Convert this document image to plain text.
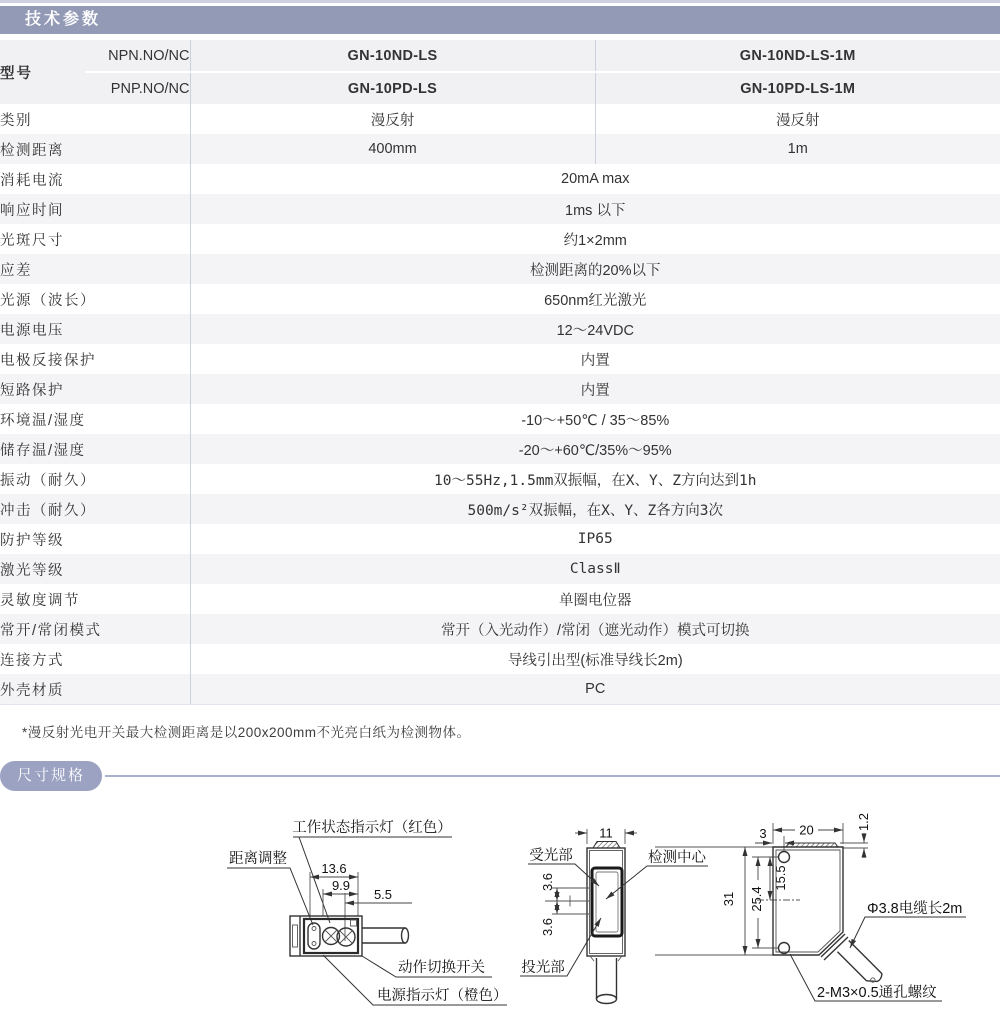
技术参数
型号	NPN.NO/NC	GN-10ND-LS	GN-10ND-LS-1M
	PNP.NO/NC	GN-10PD-LS	GN-10PD-LS-1M
类别		漫反射	漫反射
检测距离		400mm	1m
消耗电流		20mA max	
响应时间		1ms 以下	
光斑尺寸		约1×2mm	
应差		检测距离的20%以下	
光源（波长）		650nm红光激光	
电源电压		12～24VDC	
电极反接保护		内置	
短路保护		内置	
环境温/湿度		-10～+50℃ / 35～85%	
储存温/湿度		-20～+60℃/35%～95%	
振动（耐久）		10～55Hz,1.5mm双振幅，在X、Y、Z方向达到1h	
冲击（耐久）		500m/s²双振幅，在X、Y、Z各方向3次	
防护等级		IP65	
激光等级		ClassⅡ	
灵敏度调节		单圈电位器	
常开/常闭模式		常开（入光动作）/常闭（遮光动作）模式可切换	
连接方式		导线引出型(标准导线长2m)	
外壳材质		PC	
*漫反射光电开关最大检测距离是以200x200mm不光亮白纸为检测物体。
尺寸规格
工作状态指示灯（红色）
距离调整
13.6
9.9
5.5
动作切换开关
电源指示灯（橙色）
11
3.6
3.6
受光部	检测中心
投光部
31 25.4
15.5
3	20	1.2
Φ3.8电缆长2m
2-M3×0.5通孔螺纹
